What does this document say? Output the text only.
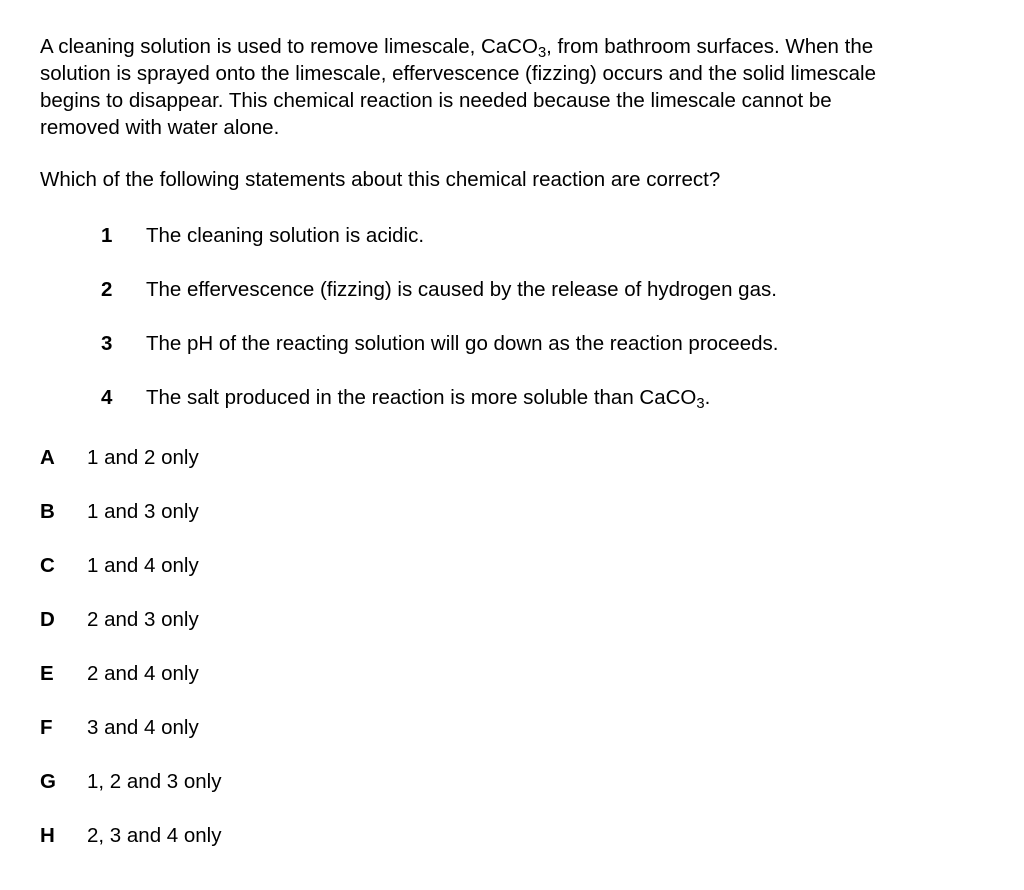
A cleaning solution is used to remove limescale, CaCO$_3$, from bathroom surfaces. When the
solution is sprayed onto the limescale, effervescence (fizzing) occurs and the solid limescale
begins to disappear. This chemical reaction is needed because the limescale cannot be
removed with water alone.
Which of the following statements about this chemical reaction are correct?
1 The cleaning solution is acidic.
2 The effervescence (fizzing) is caused by the release of hydrogen gas.
3 The pH of the reacting solution will go down as the reaction proceeds.
4 The salt produced in the reaction is more soluble than CaCO$_3$.
A	1 and 2 only
B	1 and 3 only
C	1 and 4 only
D	2 and 3 only
E	2 and 4 only
F	3 and 4 only
G	1, 2 and 3 only
H	2, 3 and 4 only
